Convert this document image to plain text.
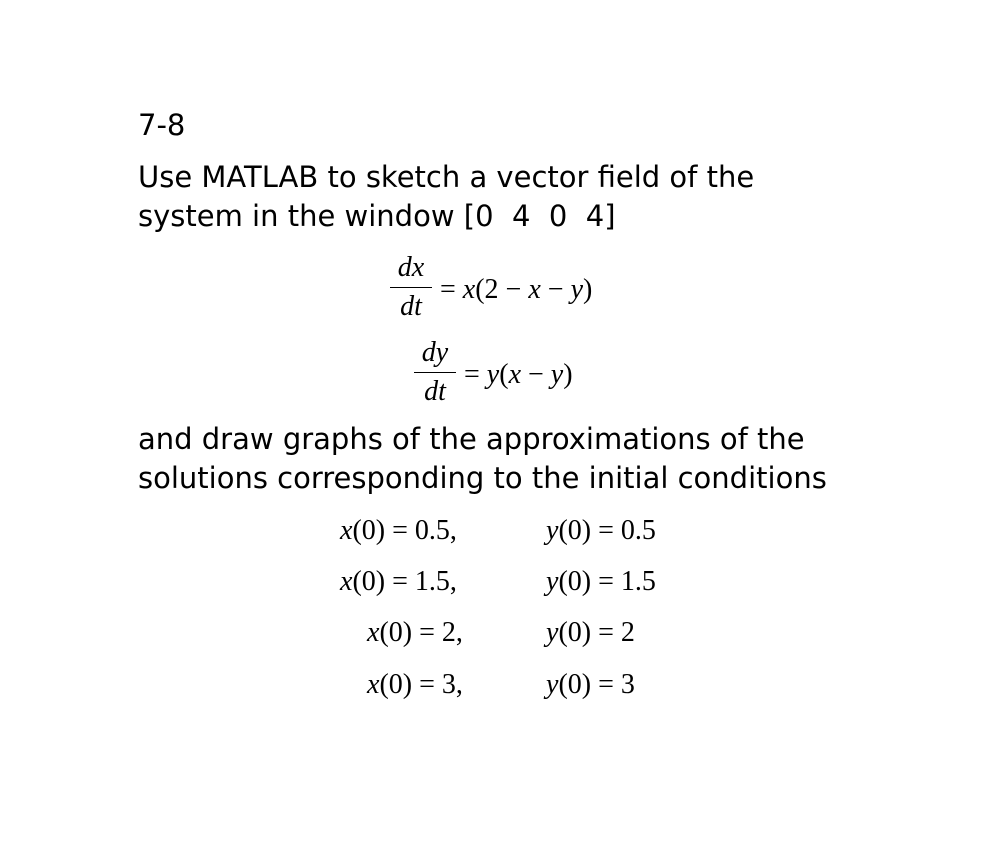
7-8
Use MATLAB to sketch a vector field of the
system in the window [0  4  0  4]
dx
dt
= x(2 − x − y)
dy
dt
= y(x − y)
and draw graphs of the approximations of the
solutions corresponding to the initial conditions
x(0) = 0.5,	y(0) = 0.5
x(0) = 1.5,	y(0) = 1.5
x(0) = 2,	y(0) = 2
x(0) = 3,	y(0) = 3
